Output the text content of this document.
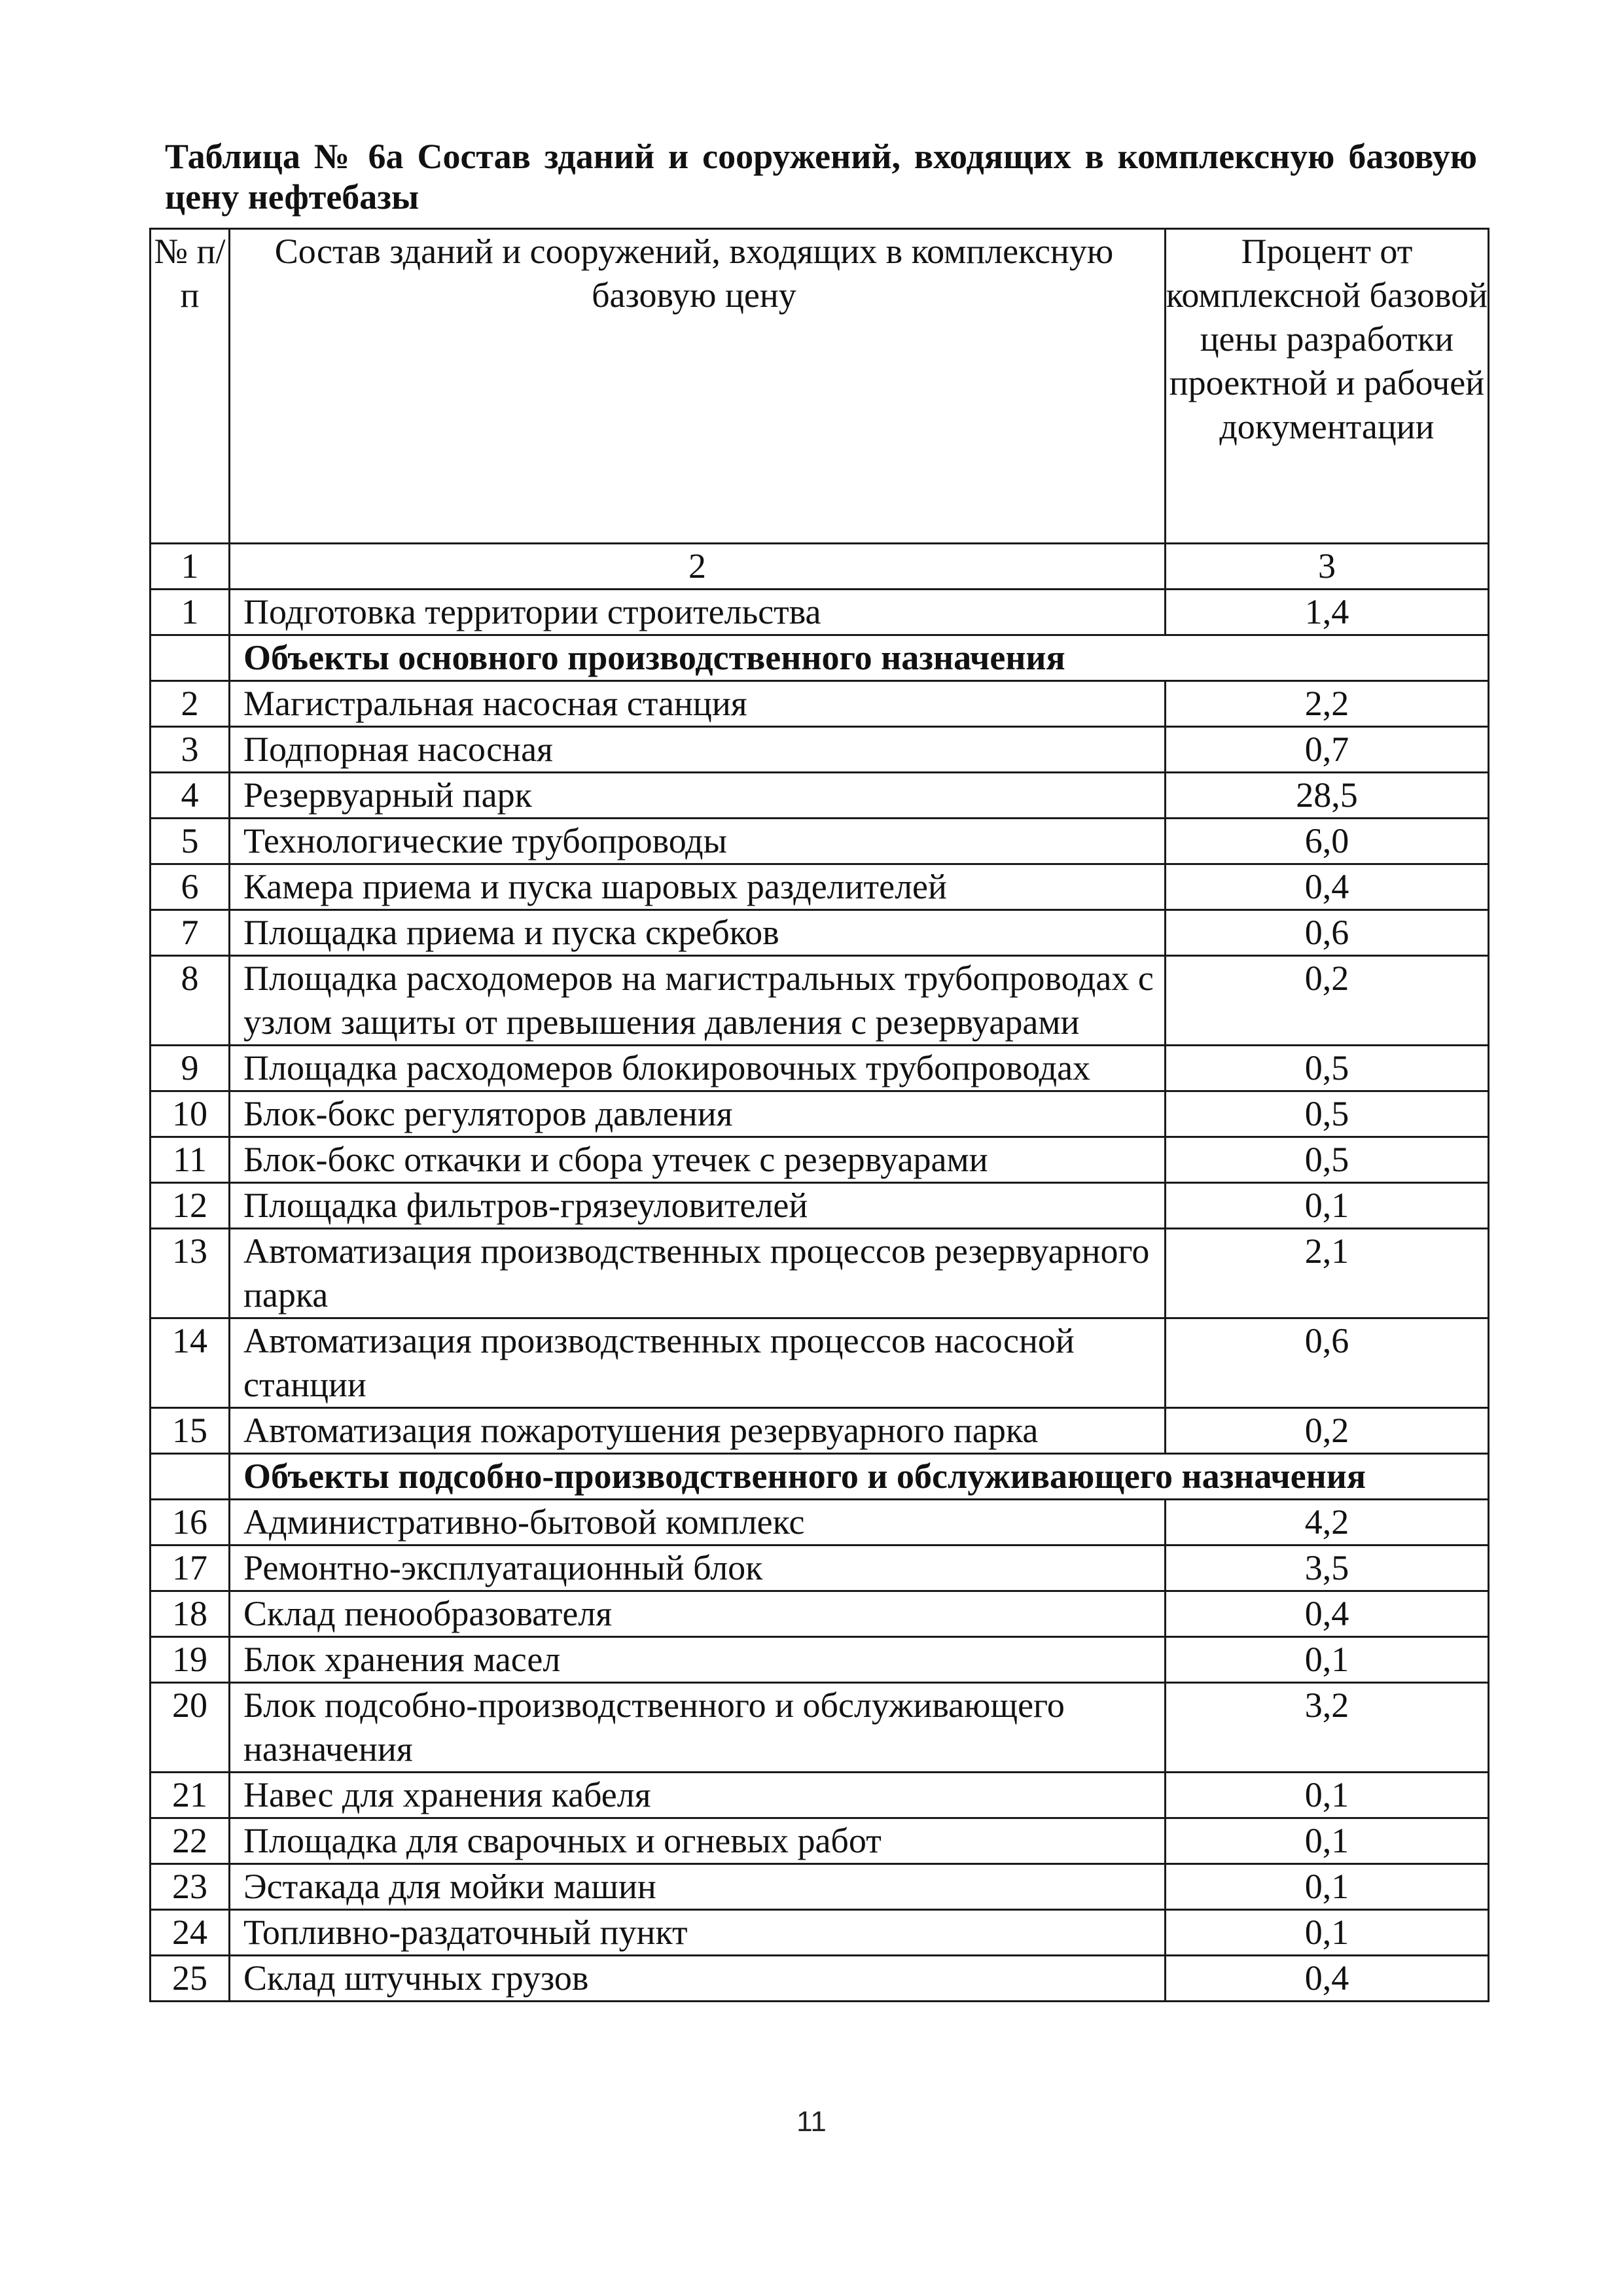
Таблица № 6а Состав зданий и сооружений, входящих в комплексную базовую цену нефтебазы
№ п/п	Состав зданий и сооружений, входящих в комплексную базовую цену	Процент от комплексной базовой цены разработки проектной и рабочей документации
1	2	3
1	Подготовка территории строительства	1,4
	Объекты основного производственного назначения	
2	Магистральная насосная станция	2,2
3	Подпорная насосная	0,7
4	Резервуарный парк	28,5
5	Технологические трубопроводы	6,0
6	Камера приема и пуска шаровых разделителей	0,4
7	Площадка приема и пуска скребков	0,6
8	Площадка расходомеров на магистральных трубопроводах с узлом защиты от превышения давления с резервуарами	0,2
9	Площадка расходомеров блокировочных трубопроводах	0,5
10	Блок-бокс регуляторов давления	0,5
11	Блок-бокс откачки и сбора утечек с резервуарами	0,5
12	Площадка фильтров-грязеуловителей	0,1
13	Автоматизация производственных процессов резервуарного парка	2,1
14	Автоматизация производственных процессов насосной станции	0,6
15	Автоматизация пожаротушения резервуарного парка	0,2
	Объекты подсобно-производственного и обслуживающего назначения	
16	Административно-бытовой комплекс	4,2
17	Ремонтно-эксплуатационный блок	3,5
18	Склад пенообразователя	0,4
19	Блок хранения масел	0,1
20	Блок подсобно-производственного и обслуживающего назначения	3,2
21	Навес для хранения кабеля	0,1
22	Площадка для сварочных и огневых работ	0,1
23	Эстакада для мойки машин	0,1
24	Топливно-раздаточный пункт	0,1
25	Склад штучных грузов	0,4
11
